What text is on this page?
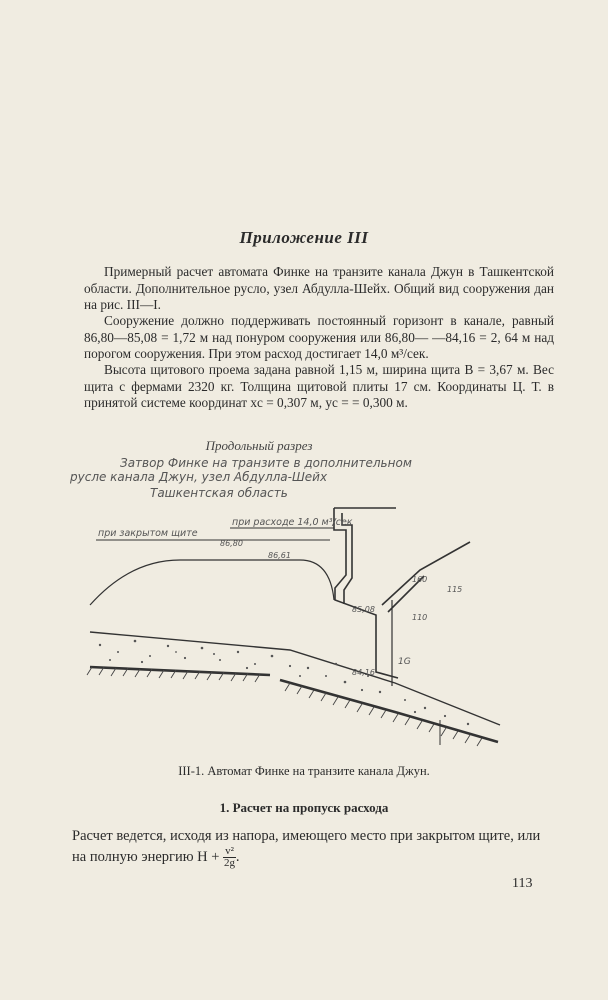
Приложение III

Примерный расчет автомата Финке на транзите канала Джун в Ташкентской области. Дополнительное русло, узел Абдулла-Шейх. Общий вид сооружения дан на рис. III—I.

Сооружение должно поддерживать постоянный горизонт в канале, равный 86,80—85,08 = 1,72 м над понуром сооружения или 86,80— —84,16 = 2, 64 м над порогом сооружения. При этом расход достигает 14,0 м³/сек.

Высота щитового проема задана равной 1,15 м, ширина щита B = 3,67 м. Вес щита с фермами 2320 кг. Толщина щитовой плиты 17 см. Координаты Ц. Т. в принятой системе координат xc = 0,307 м, yc = = 0,300 м.

Продольный разрез
Затвор Финке на транзите в дополнительном
русле канала Джун, узел Абдулла-Шейх
Ташкентская область
при закрытом щите
при расходе 14,0 м³/сек
86,80
86,61
85,08
84,16
160
115
110
1G
III-1. Автомат Финке на транзите канала Джун.
1. Расчет на пропуск расхода

Расчет ведется, исходя из напора, имеющего место при закрытом щите, или на полную энергию $H + \frac{\text{v²}}{2g}$ .

113
